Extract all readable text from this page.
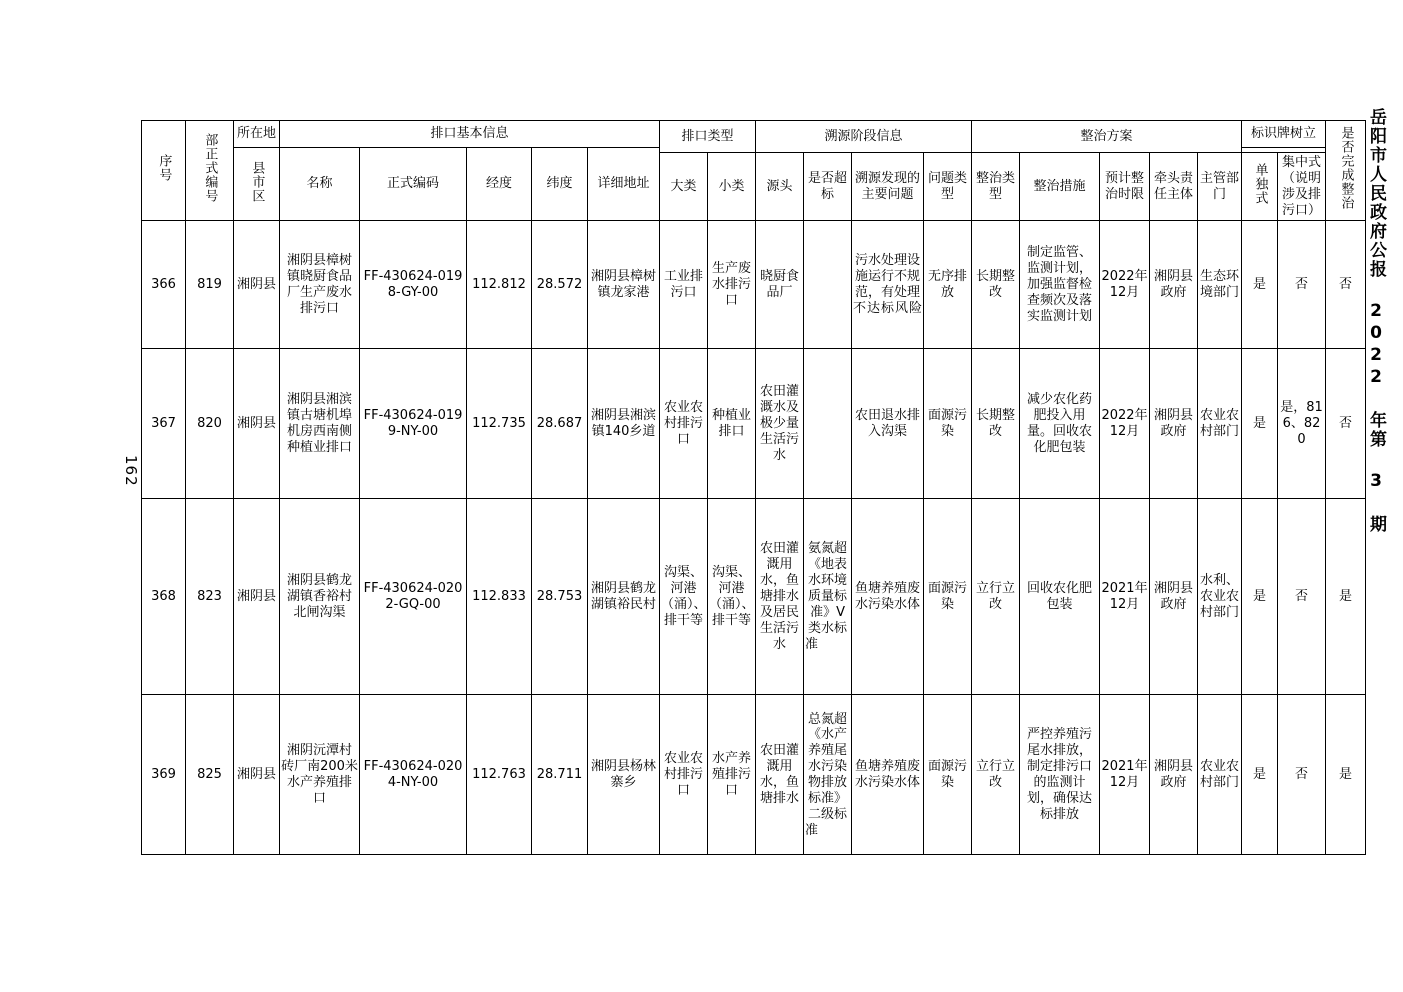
岳阳市人民政府公报 2022 年第 3 期
162
序号	部正式编号	所在地	排口基本信息					排口类型		溯源阶段信息				整治方案					标识牌树立		是否完成整治
		县市区	名称	正式编码	经度	纬度	详细地址														
								大类	小类	源头	是否超标	溯源发现的主要问题	问题类型	整治类型	整治措施	预计整治时限	牵头责任主体	主管部门	单独式	集中式（说明涉及排污口）	
366	819	湘阴县	湘阴县樟树镇晓厨食品厂生产废水排污口	FF-430624-0198-GY-00	112.812	28.572	湘阴县樟树镇龙家港	工业排污口	生产废水排污口	晓厨食品厂		污水处理设施运行不规范，有处理不达标风险	无序排放	长期整改	制定监管、监测计划，加强监督检查频次及落实监测计划	2022年12月	湘阴县政府	生态环境部门	是	否	否
367	820	湘阴县	湘阴县湘滨镇古塘机埠机房西南侧种植业排口	FF-430624-0199-NY-00	112.735	28.687	湘阴县湘滨镇140乡道	农业农村排污口	种植业排口	农田灌溉水及极少量生活污水		农田退水排入沟渠	面源污染	长期整改	减少农化药肥投入用量。回收农化肥包装	2022年12月	湘阴县政府	农业农村部门	是	是，816、820	否
368	823	湘阴县	湘阴县鹤龙湖镇香裕村北闸沟渠	FF-430624-0202-GQ-00	112.833	28.753	湘阴县鹤龙湖镇裕民村	沟渠、河港（涌）、排干等	沟渠、河港（涌）、排干等	农田灌溉用水，鱼塘排水及居民生活污水	氨氮超《地表水环境质量标准》V类水标准	鱼塘养殖废水污染水体	面源污染	立行立改	回收农化肥包装	2021年12月	湘阴县政府	水利、农业农村部门	是	否	是
369	825	湘阴县	湘阴沅潭村砖厂南200米水产养殖排口	FF-430624-0204-NY-00	112.763	28.711	湘阴县杨林寨乡	农业农村排污口	水产养殖排污口	农田灌溉用水，鱼塘排水	总氮超《水产养殖尾水污染物排放标准》二级标准	鱼塘养殖废水污染水体	面源污染	立行立改	严控养殖污尾水排放，制定排污口的监测计划，确保达标排放	2021年12月	湘阴县政府	农业农村部门	是	否	是
